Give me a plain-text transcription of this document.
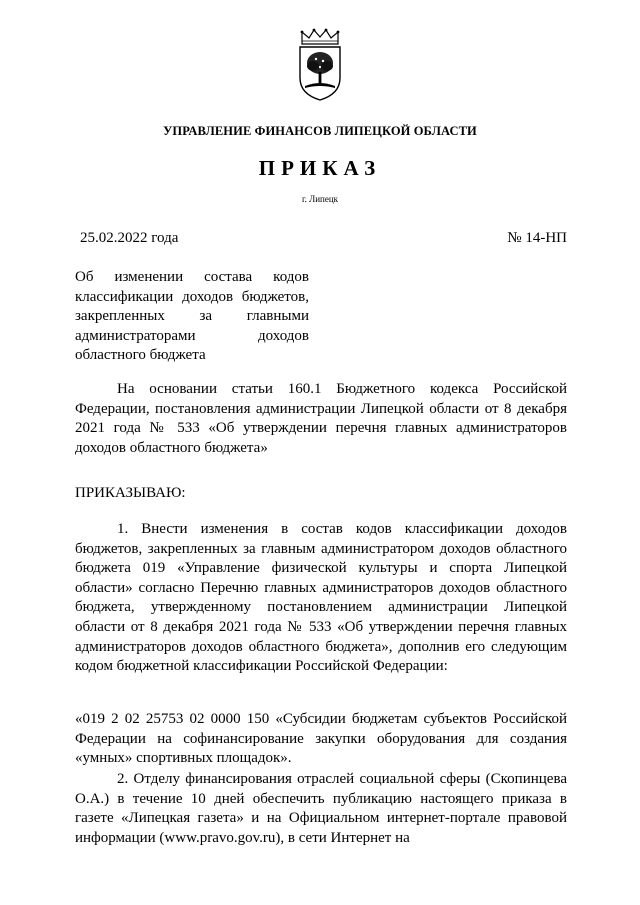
УПРАВЛЕНИЕ ФИНАНСОВ ЛИПЕЦКОЙ ОБЛАСТИ
ПРИКАЗ
г. Липецк
25.02.2022 года	№ 14-НП
Об изменении состава кодов классификации доходов бюджетов, закрепленных за главными администраторами доходов областного бюджета

На основании статьи 160.1 Бюджетного кодекса Российской Федерации, постановления администрации Липецкой области от 8 декабря 2021 года № 533 «Об утверждении перечня главных администраторов доходов областного бюджета»

ПРИКАЗЫВАЮ:

1. Внести изменения в состав кодов классификации доходов бюджетов, закрепленных за главным администратором доходов областного бюджета 019 «Управление физической культуры и спорта Липецкой области» согласно Перечню главных администраторов доходов областного бюджета, утвержденному постановлением администрации Липецкой области от 8 декабря 2021 года № 533 «Об утверждении перечня главных администраторов доходов областного бюджета», дополнив его следующим кодом бюджетной классификации Российской Федерации:

«019 2 02 25753 02 0000 150 «Субсидии бюджетам субъектов Российской Федерации на софинансирование закупки оборудования для создания «умных» спортивных площадок».

2. Отделу финансирования отраслей социальной сферы (Скопинцева О.А.) в течение 10 дней обеспечить публикацию настоящего приказа в газете «Липецкая газета» и на Официальном интернет-портале правовой информации (www.pravo.gov.ru), в сети Интернет на
